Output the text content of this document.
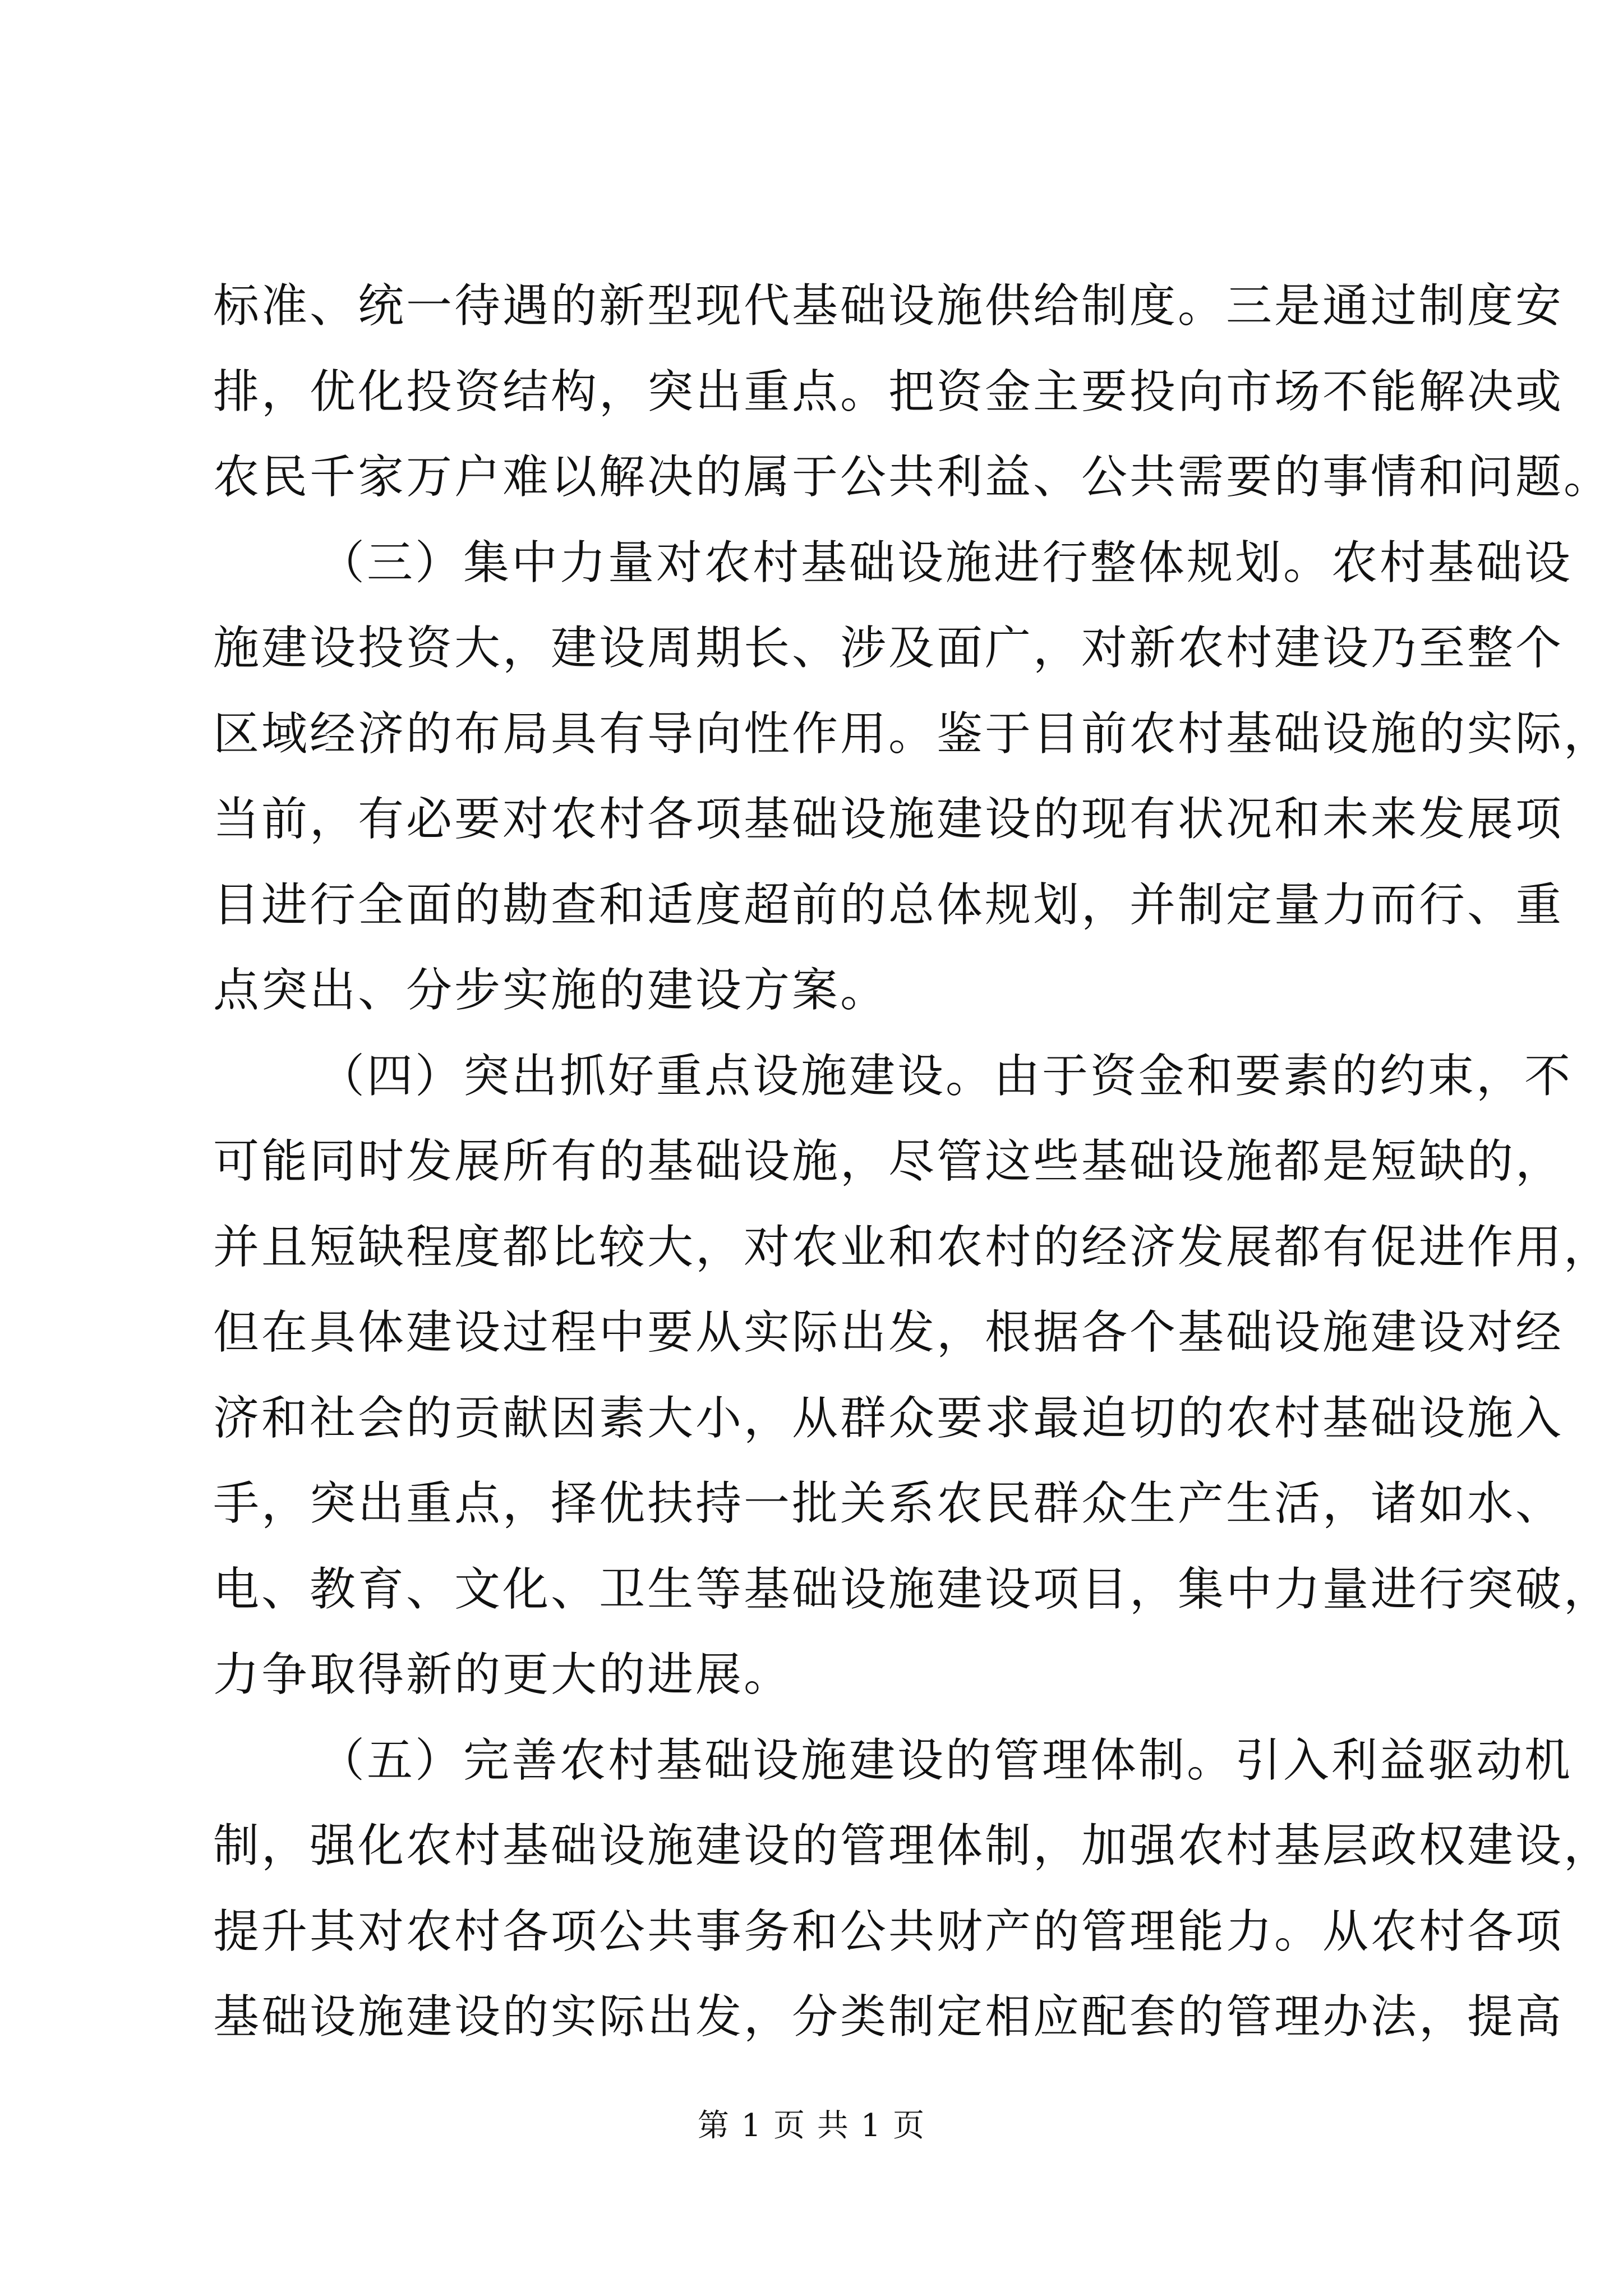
标准、统一待遇的新型现代基础设施供给制度。三是通过制度安
排，优化投资结构，突出重点。把资金主要投向市场不能解决或
农民千家万户难以解决的属于公共利益、公共需要的事情和问题。
（三）集中力量对农村基础设施进行整体规划。农村基础设
施建设投资大，建设周期长、涉及面广，对新农村建设乃至整个
区域经济的布局具有导向性作用。鉴于目前农村基础设施的实际，
当前，有必要对农村各项基础设施建设的现有状况和未来发展项
目进行全面的勘查和适度超前的总体规划，并制定量力而行、重
点突出、分步实施的建设方案。
（四）突出抓好重点设施建设。由于资金和要素的约束，不
可能同时发展所有的基础设施，尽管这些基础设施都是短缺的，
并且短缺程度都比较大，对农业和农村的经济发展都有促进作用，
但在具体建设过程中要从实际出发，根据各个基础设施建设对经
济和社会的贡献因素大小，从群众要求最迫切的农村基础设施入
手，突出重点，择优扶持一批关系农民群众生产生活，诸如水、
电、教育、文化、卫生等基础设施建设项目，集中力量进行突破，
力争取得新的更大的进展。
（五）完善农村基础设施建设的管理体制。引入利益驱动机
制，强化农村基础设施建设的管理体制，加强农村基层政权建设，
提升其对农村各项公共事务和公共财产的管理能力。从农村各项
基础设施建设的实际出发，分类制定相应配套的管理办法，提高
第 1 页 共 1 页
